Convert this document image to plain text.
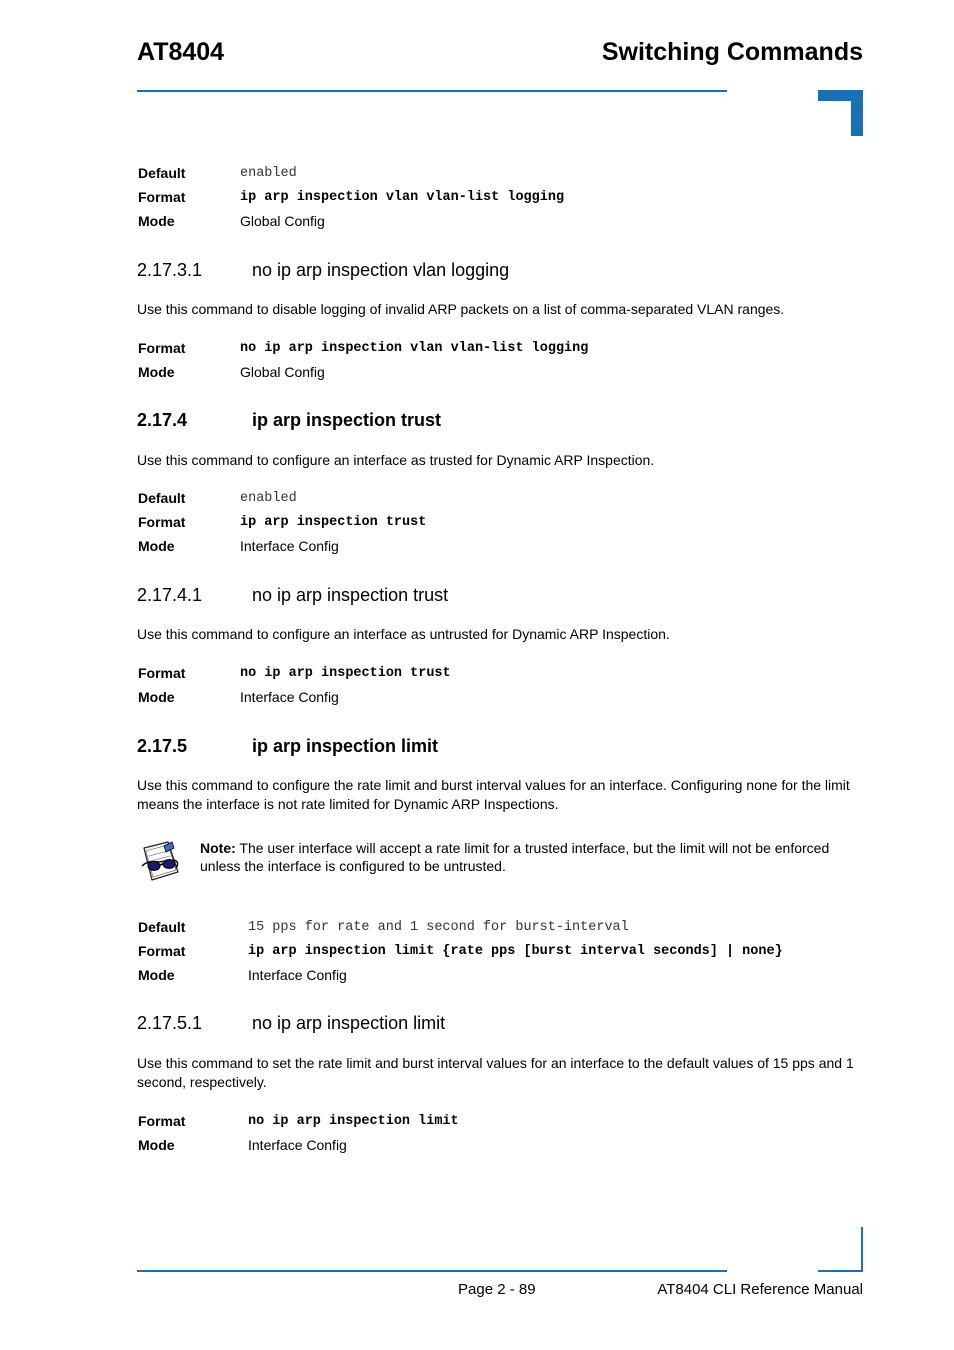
AT8404	Switching Commands
Default	enabled
Format	ip arp inspection vlan vlan-list logging
Mode	Global Config
2.17.3.1	no ip arp inspection vlan logging
Use this command to disable logging of invalid ARP packets on a list of comma-separated VLAN ranges.
Format	no ip arp inspection vlan vlan-list logging
Mode	Global Config
2.17.4	ip arp inspection trust
Use this command to configure an interface as trusted for Dynamic ARP Inspection.
Default	enabled
Format	ip arp inspection trust
Mode	Interface Config
2.17.4.1	no ip arp inspection trust
Use this command to configure an interface as untrusted for Dynamic ARP Inspection.
Format	no ip arp inspection trust
Mode	Interface Config
2.17.5	ip arp inspection limit
Use this command to configure the rate limit and burst interval values for an interface. Configuring none for the limit means the interface is not rate limited for Dynamic ARP Inspections.
Note: The user interface will accept a rate limit for a trusted interface, but the limit will not be enforced unless the interface is configured to be untrusted.
Default	15 pps for rate and 1 second for burst-interval
Format	ip arp inspection limit {rate pps [burst interval seconds] | none}
Mode	Interface Config
2.17.5.1	no ip arp inspection limit
Use this command to set the rate limit and burst interval values for an interface to the default values of 15 pps and 1 second, respectively.
Format	no ip arp inspection limit
Mode	Interface Config
Page 2 - 89	AT8404 CLI Reference Manual
